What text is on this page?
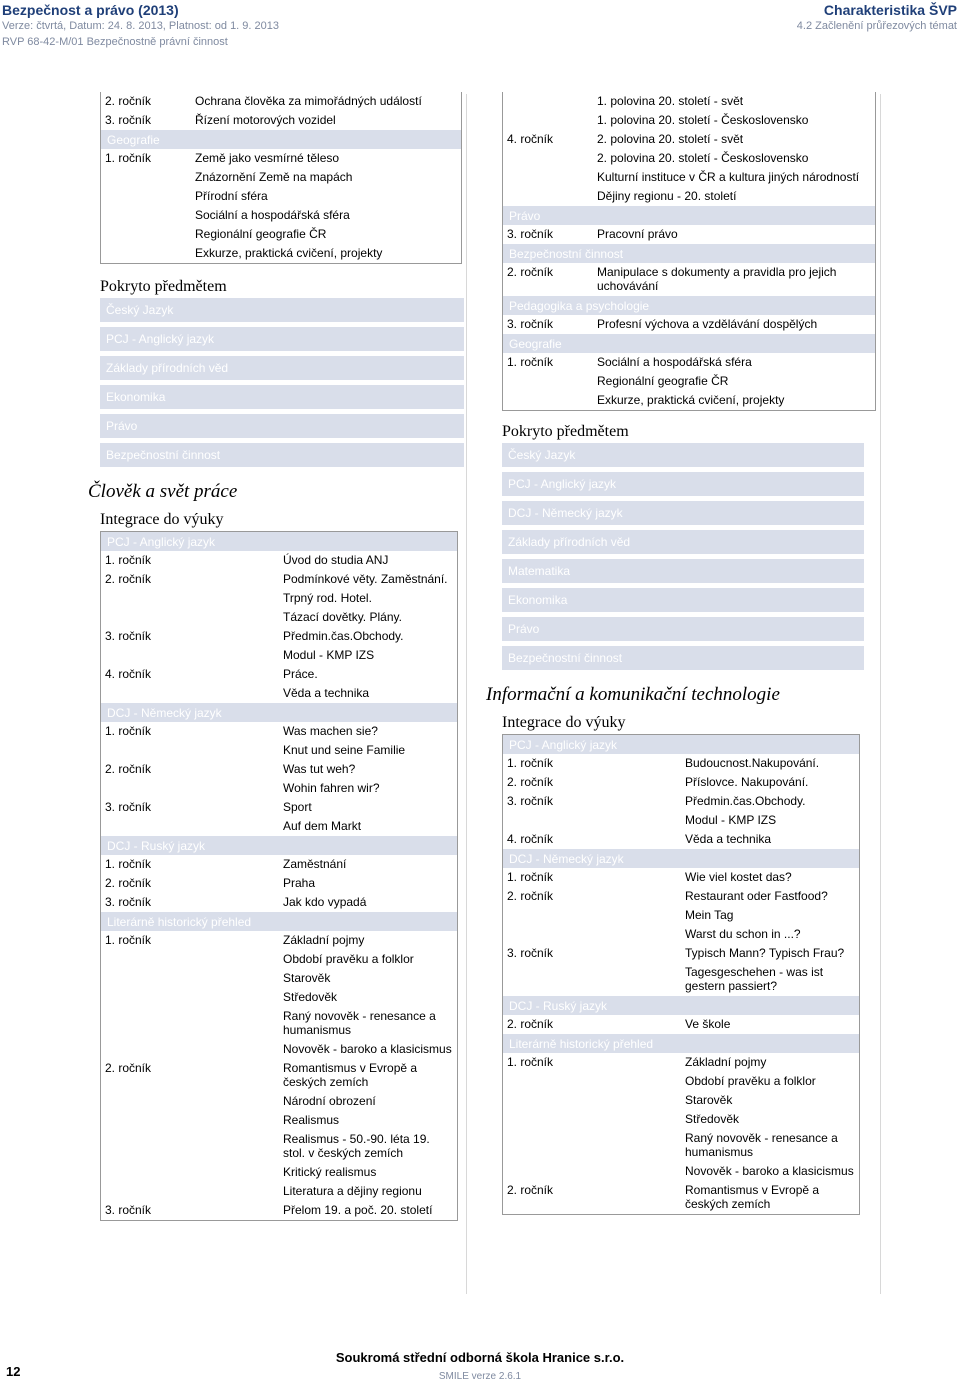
Bezpečnost a právo (2013)
Verze: čtvrtá, Datum: 24. 8. 2013, Platnost: od 1. 9. 2013
RVP 68-42-M/01 Bezpečnostně právní činnost
Charakteristika ŠVP
4.2 Začlenění průřezových témat
2. ročník	Ochrana člověka za mimořádných událostí
3. ročník	Řízení motorových vozidel
Geografie	
1. ročník	Země jako vesmírné těleso
	Znázornění Země na mapách
	Přírodní sféra
	Sociální a hospodářská sféra
	Regionální geografie ČR
	Exkurze, praktická cvičení, projekty
Pokryto předmětem
Český Jazyk
PCJ - Anglický jazyk
Základy přírodních věd
Ekonomika
Právo
Bezpečnostní činnost
Člověk a svět práce
Integrace do výuky
PCJ - Anglický jazyk	
1. ročník	Úvod do studia ANJ
2. ročník	Podmínkové věty. Zaměstnání.
	Trpný rod. Hotel.
	Tázací dovětky. Plány.
3. ročník	Předmin.čas.Obchody.
	Modul - KMP IZS
4. ročník	Práce.
	Věda a technika
DCJ - Německý jazyk	
1. ročník	Was machen sie?
	Knut und seine Familie
2. ročník	Was tut weh?
	Wohin fahren wir?
3. ročník	Sport
	Auf dem Markt
DCJ - Ruský jazyk	
1. ročník	Zaměstnání
2. ročník	Praha
3. ročník	Jak kdo vypadá
Literárně historický přehled	
1. ročník	Základní pojmy
	Období pravěku a folklor
	Starověk
	Středověk
	Raný novověk - renesance a humanismus
	Novověk - baroko a klasicismus
2. ročník	Romantismus v Evropě a českých zemích
	Národní obrození
	Realismus
	Realismus - 50.-90. léta 19. stol. v českých zemích
	Kritický realismus
	Literatura a dějiny regionu
3. ročník	Přelom 19. a poč. 20. století
	1. polovina 20. století - svět
	1. polovina 20. století - Československo
4. ročník	2. polovina 20. století - svět
	2. polovina 20. století - Československo
	Kulturní instituce v ČR a kultura jiných národností
	Dějiny regionu - 20. století
Právo	
3. ročník	Pracovní právo
Bezpečnostní činnost	
2. ročník	Manipulace s dokumenty a pravidla pro jejich uchovávání
Pedagogika a psychologie	
3. ročník	Profesní výchova a vzdělávání dospělých
Geografie	
1. ročník	Sociální a hospodářská sféra
	Regionální geografie ČR
	Exkurze, praktická cvičení, projekty
Pokryto předmětem
Český Jazyk
PCJ - Anglický jazyk
DCJ - Německý jazyk
Základy přírodních věd
Matematika
Ekonomika
Právo
Bezpečnostní činnost
Informační a komunikační technologie
Integrace do výuky
PCJ - Anglický jazyk	
1. ročník	Budoucnost.Nakupování.
2. ročník	Příslovce. Nakupování.
3. ročník	Předmin.čas.Obchody.
	Modul - KMP IZS
4. ročník	Věda a technika
DCJ - Německý jazyk	
1. ročník	Wie viel kostet das?
2. ročník	Restaurant oder Fastfood?
	Mein Tag
	Warst du schon in ...?
3. ročník	Typisch Mann? Typisch Frau?
	Tagesgeschehen - was ist gestern passiert?
DCJ - Ruský jazyk	
2. ročník	Ve škole
Literárně historický přehled	
1. ročník	Základní pojmy
	Období pravěku a folklor
	Starověk
	Středověk
	Raný novověk - renesance a humanismus
	Novověk - baroko a klasicismus
2. ročník	Romantismus v Evropě a českých zemích
12
Soukromá střední odborná škola Hranice s.r.o.
SMILE verze 2.6.1
